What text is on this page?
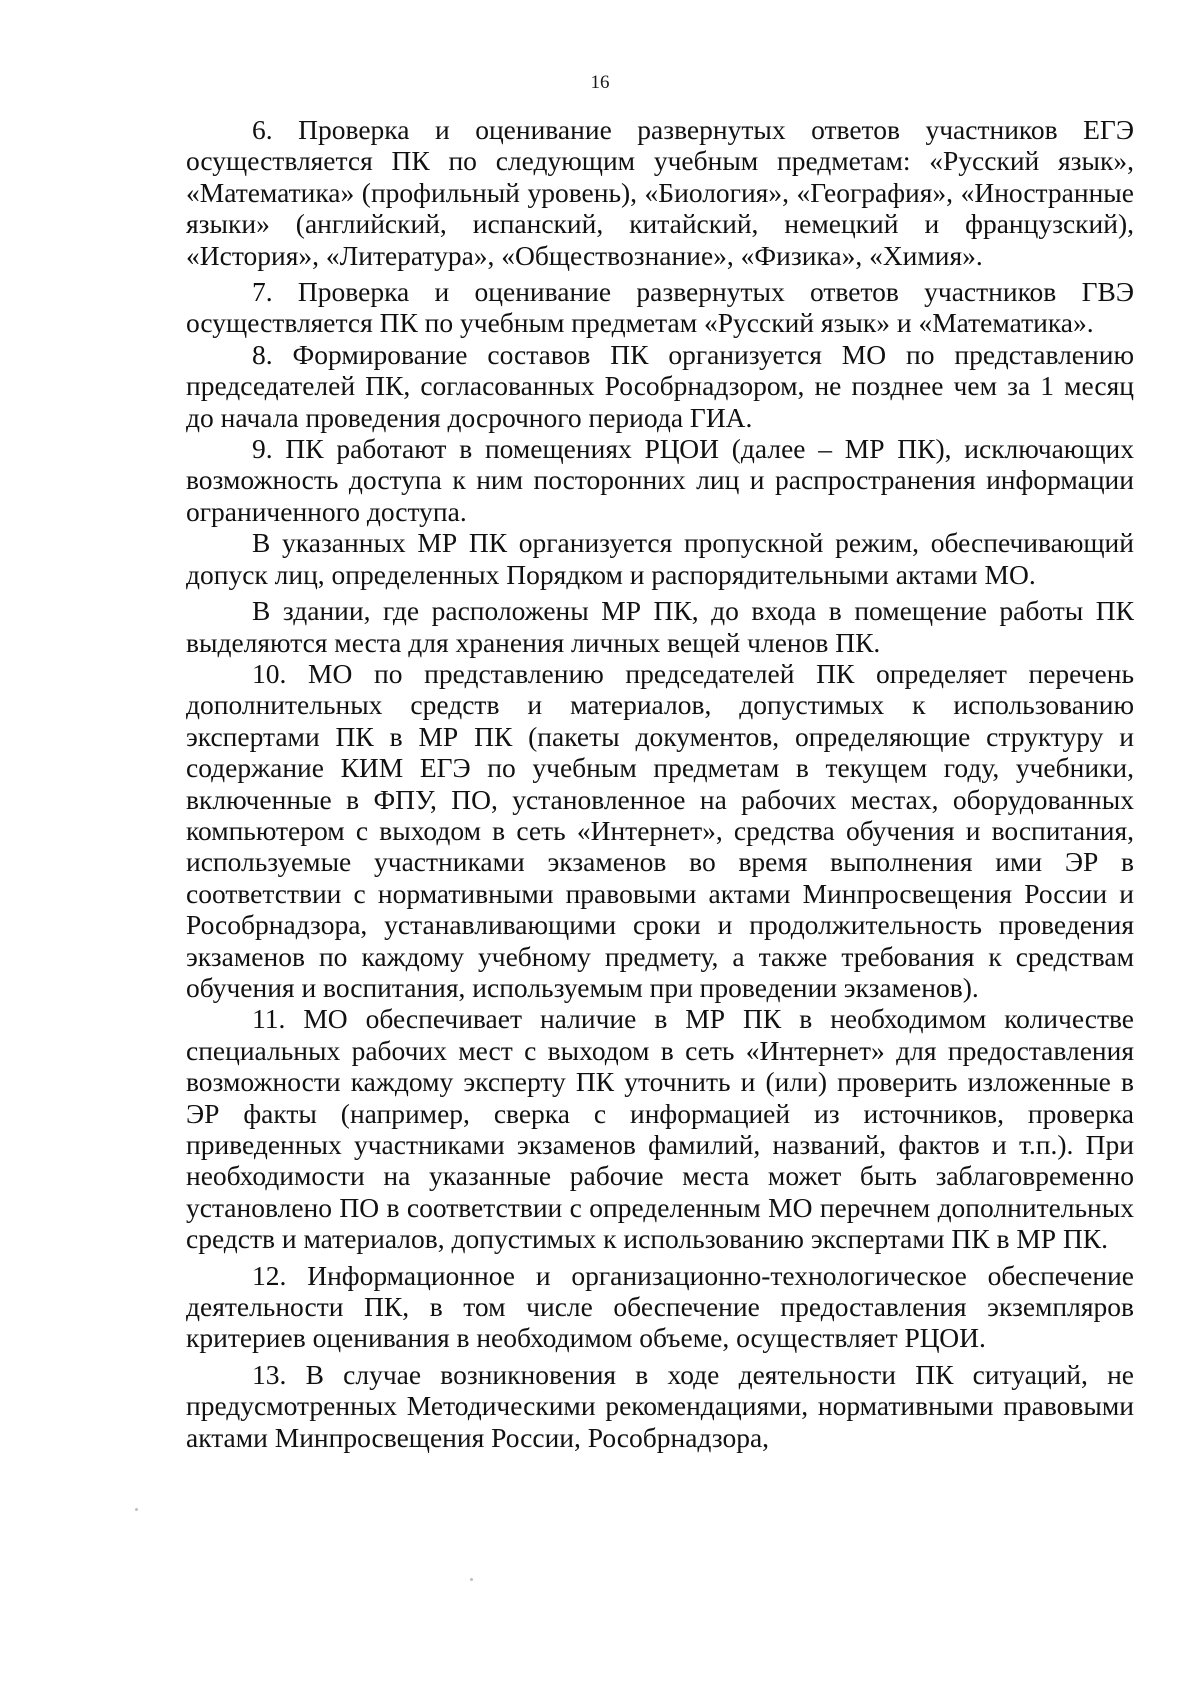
16

6. Проверка и оценивание развернутых ответов участников ЕГЭ осуществляется ПК по следующим учебным предметам: «Русский язык», «Математика» (профильный уровень), «Биология», «География», «Иностранные языки» (английский, испанский, китайский, немецкий и французский), «История», «Литература», «Обществознание», «Физика», «Химия».

7. Проверка и оценивание развернутых ответов участников ГВЭ осуществляется ПК по учебным предметам «Русский язык» и «Математика».

8. Формирование составов ПК организуется МО по представлению председателей ПК, согласованных Рособрнадзором, не позднее чем за 1 месяц до начала проведения досрочного периода ГИА.

9. ПК работают в помещениях РЦОИ (далее – МР ПК), исключающих возможность доступа к ним посторонних лиц и распространения информации ограниченного доступа.

В указанных МР ПК организуется пропускной режим, обеспечивающий допуск лиц, определенных Порядком и распорядительными актами МО.

В здании, где расположены МР ПК, до входа в помещение работы ПК выделяются места для хранения личных вещей членов ПК.

10. МО по представлению председателей ПК определяет перечень дополнительных средств и материалов, допустимых к использованию экспертами ПК в МР ПК (пакеты документов, определяющие структуру и содержание КИМ ЕГЭ по учебным предметам в текущем году, учебники, включенные в ФПУ, ПО, установленное на рабочих местах, оборудованных компьютером с выходом в сеть «Интернет», средства обучения и воспитания, используемые участниками экзаменов во время выполнения ими ЭР в соответствии с нормативными правовыми актами Минпросвещения России и Рособрнадзора, устанавливающими сроки и продолжительность проведения экзаменов по каждому учебному предмету, а также требования к средствам обучения и воспитания, используемым при проведении экзаменов).

11. МО обеспечивает наличие в МР ПК в необходимом количестве специальных рабочих мест с выходом в сеть «Интернет» для предоставления возможности каждому эксперту ПК уточнить и (или) проверить изложенные в ЭР факты (например, сверка с информацией из источников, проверка приведенных участниками экзаменов фамилий, названий, фактов и т.п.). При необходимости на указанные рабочие места может быть заблаговременно установлено ПО в соответствии с определенным МО перечнем дополнительных средств и материалов, допустимых к использованию экспертами ПК в МР ПК.

12. Информационное и организационно-технологическое обеспечение деятельности ПК, в том числе обеспечение предоставления экземпляров критериев оценивания в необходимом объеме, осуществляет РЦОИ.

13. В случае возникновения в ходе деятельности ПК ситуаций, не предусмотренных Методическими рекомендациями, нормативными правовыми актами Минпросвещения России, Рособрнадзора,
